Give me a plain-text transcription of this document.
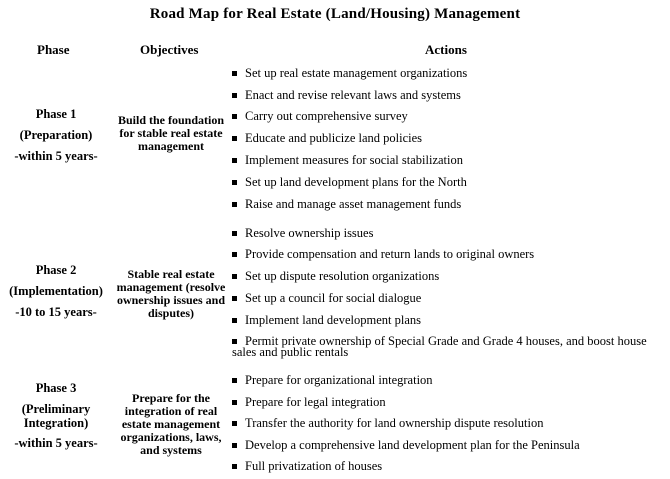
Road Map for Real Estate (Land/Housing) Management
Phase	Objectives	Actions
Phase 1
(Preparation)
-within 5 years-
Build the foundation for stable real estate management
Set up real estate management organizations
Enact and revise relevant laws and systems
Carry out comprehensive survey
Educate and publicize land policies
Implement measures for social stabilization
Set up land development plans for the North
Raise and manage asset management funds
Phase 2
(Implementation)
-10 to 15 years-
Stable real estate management (resolve ownership issues and disputes)
Resolve ownership issues
Provide compensation and return lands to original owners
Set up dispute resolution organizations
Set up a council for social dialogue
Implement land development plans
Permit private ownership of Special Grade and Grade 4 houses, and boost house sales and public rentals
Phase 3
(Preliminary Integration)
-within 5 years-
Prepare for the integration of real estate management organizations, laws, and systems
Prepare for organizational integration
Prepare for legal integration
Transfer the authority for land ownership dispute resolution
Develop a comprehensive land development plan for the Peninsula
Full privatization of houses
